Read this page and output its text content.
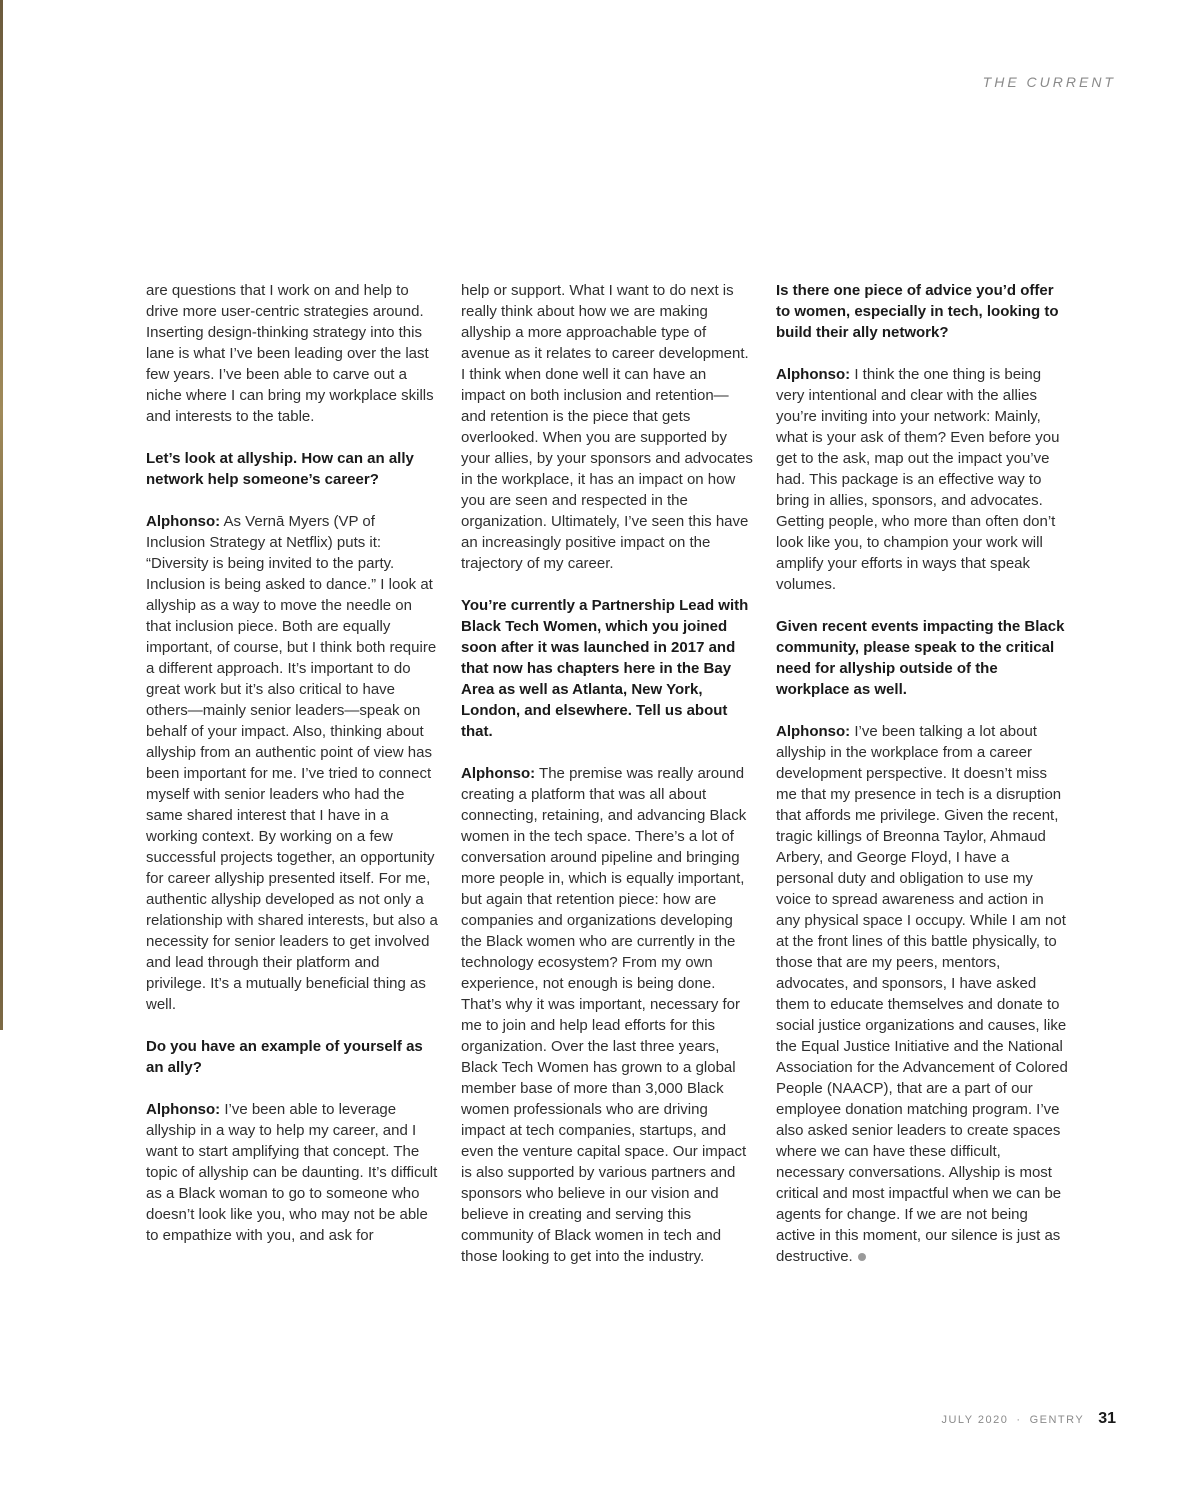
THE CURRENT

are questions that I work on and help to drive more user-centric strategies around. Inserting design-thinking strategy into this lane is what I’ve been leading over the last few years. I’ve been able to carve out a niche where I can bring my workplace skills and interests to the table.

Let’s look at allyship. How can an ally network help someone’s career?

Alphonso: As Vernā Myers (VP of Inclusion Strategy at Netflix) puts it: “Diversity is being invited to the party. Inclusion is being asked to dance.” I look at allyship as a way to move the needle on that inclusion piece. Both are equally important, of course, but I think both require a different approach. It’s important to do great work but it’s also critical to have others—mainly senior leaders—speak on behalf of your impact. Also, thinking about allyship from an authentic point of view has been important for me. I’ve tried to connect myself with senior leaders who had the same shared interest that I have in a working context. By working on a few successful projects together, an opportunity for career allyship presented itself. For me, authentic allyship developed as not only a relationship with shared interests, but also a necessity for senior leaders to get involved and lead through their platform and privilege. It’s a mutually beneficial thing as well.

Do you have an example of yourself as an ally?

Alphonso: I’ve been able to leverage allyship in a way to help my career, and I want to start amplifying that concept. The topic of allyship can be daunting. It’s difficult as a Black woman to go to someone who doesn’t look like you, who may not be able to empathize with you, and ask for

help or support. What I want to do next is really think about how we are making allyship a more approachable type of avenue as it relates to career development. I think when done well it can have an impact on both inclusion and retention—and retention is the piece that gets overlooked. When you are supported by your allies, by your sponsors and advocates in the workplace, it has an impact on how you are seen and respected in the organization. Ultimately, I’ve seen this have an increasingly positive impact on the trajectory of my career.

You’re currently a Partnership Lead with Black Tech Women, which you joined soon after it was launched in 2017 and that now has chapters here in the Bay Area as well as Atlanta, New York, London, and elsewhere. Tell us about that.

Alphonso: The premise was really around creating a platform that was all about connecting, retaining, and advancing Black women in the tech space. There’s a lot of conversation around pipeline and bringing more people in, which is equally important, but again that retention piece: how are companies and organizations developing the Black women who are currently in the technology ecosystem? From my own experience, not enough is being done. That’s why it was important, necessary for me to join and help lead efforts for this organization. Over the last three years, Black Tech Women has grown to a global member base of more than 3,000 Black women professionals who are driving impact at tech companies, startups, and even the venture capital space. Our impact is also supported by various partners and sponsors who believe in our vision and believe in creating and serving this community of Black women in tech and those looking to get into the industry.

Is there one piece of advice you’d offer to women, especially in tech, looking to build their ally network?

Alphonso: I think the one thing is being very intentional and clear with the allies you’re inviting into your network: Mainly, what is your ask of them? Even before you get to the ask, map out the impact you’ve had. This package is an effective way to bring in allies, sponsors, and advocates. Getting people, who more than often don’t look like you, to champion your work will amplify your efforts in ways that speak volumes.

Given recent events impacting the Black community, please speak to the critical need for allyship outside of the workplace as well.

Alphonso: I’ve been talking a lot about allyship in the workplace from a career development perspective. It doesn’t miss me that my presence in tech is a disruption that affords me privilege. Given the recent, tragic killings of Breonna Taylor, Ahmaud Arbery, and George Floyd, I have a personal duty and obligation to use my voice to spread awareness and action in any physical space I occupy. While I am not at the front lines of this battle physically, to those that are my peers, mentors, advocates, and sponsors, I have asked them to educate themselves and donate to social justice organizations and causes, like the Equal Justice Initiative and the National Association for the Advancement of Colored People (NAACP), that are a part of our employee donation matching program. I’ve also asked senior leaders to create spaces where we can have these difficult, necessary conversations. Allyship is most critical and most impactful when we can be agents for change. If we are not being active in this moment, our silence is just as destructive.

JULY 2020 · GENTRY 31
